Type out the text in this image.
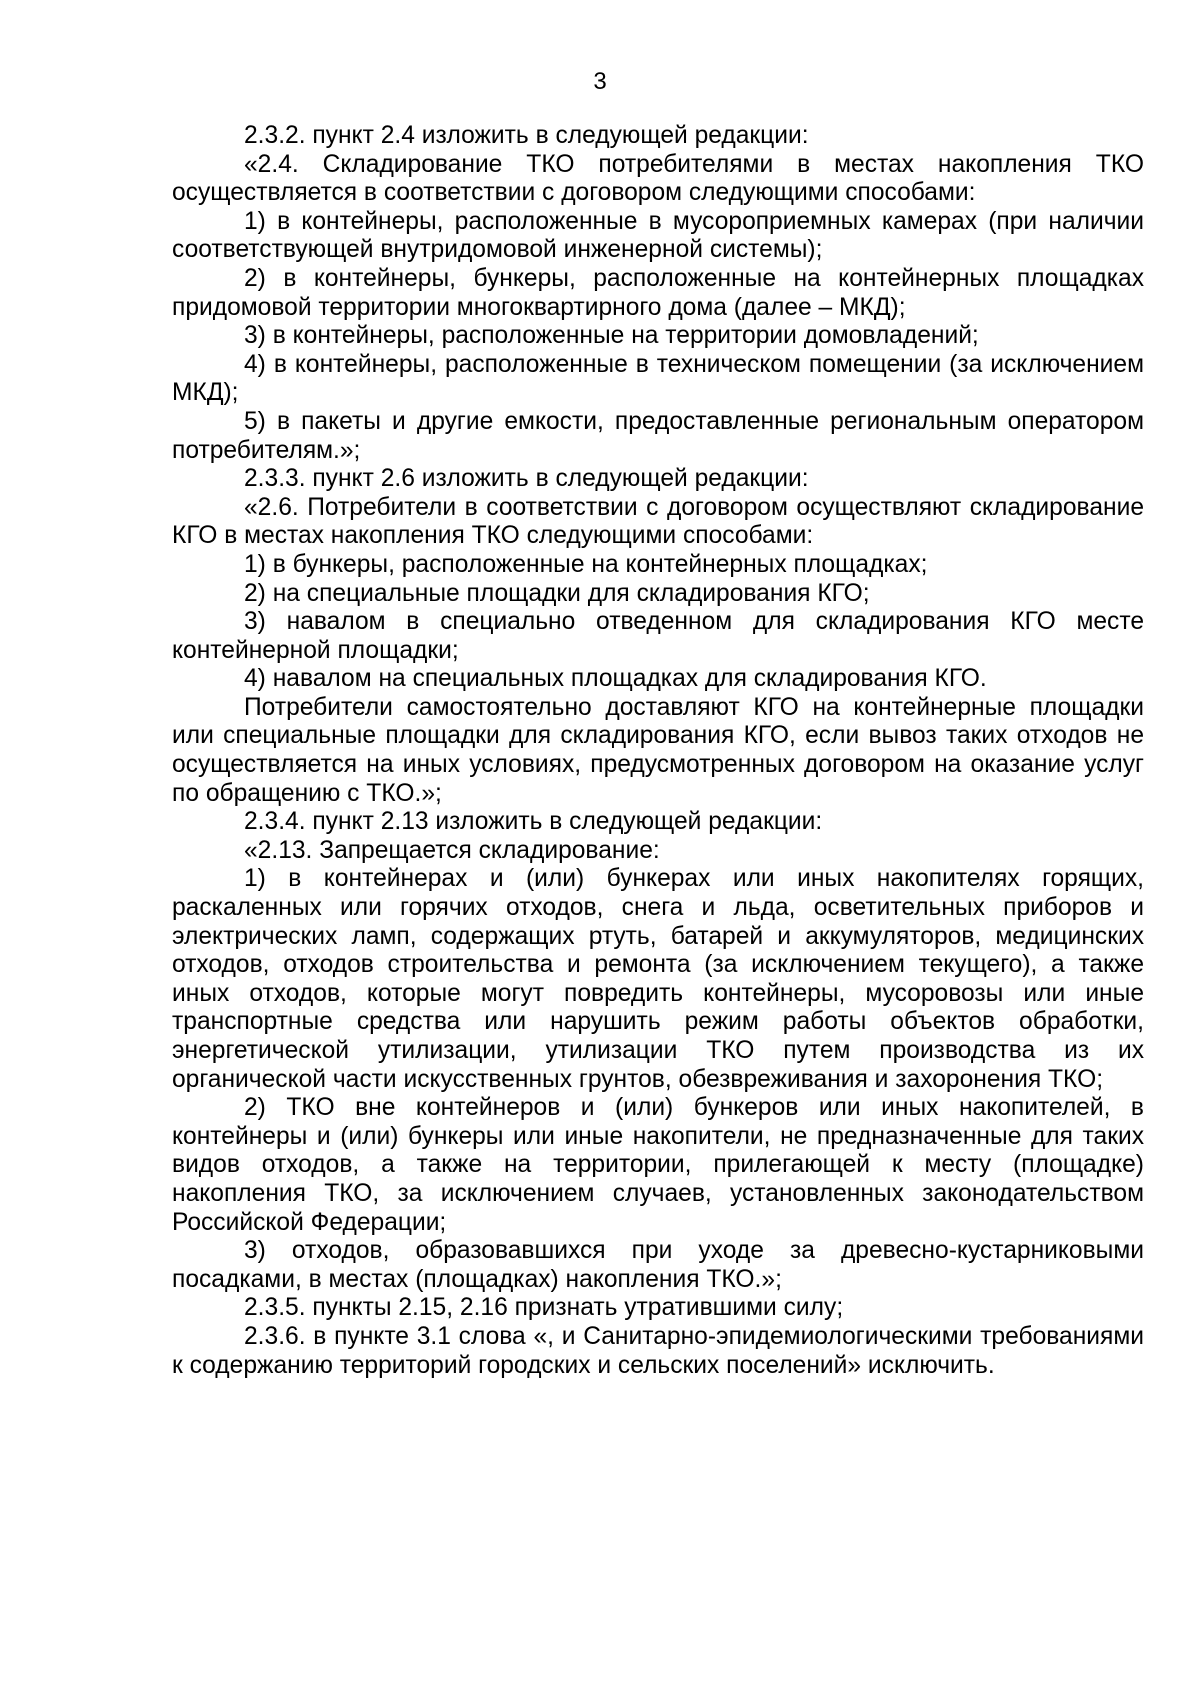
3

2.3.2. пункт 2.4 изложить в следующей редакции:

«2.4. Складирование ТКО потребителями в местах накопления ТКО осуществляется в соответствии с договором следующими способами:

1) в контейнеры, расположенные в мусороприемных камерах (при наличии соответствующей внутридомовой инженерной системы);

2) в контейнеры, бункеры, расположенные на контейнерных площадках придомовой территории многоквартирного дома (далее – МКД);

3) в контейнеры, расположенные на территории домовладений;

4) в контейнеры, расположенные в техническом помещении (за исключением МКД);

5) в пакеты и другие емкости, предоставленные региональным оператором потребителям.»;

2.3.3. пункт 2.6 изложить в следующей редакции:

«2.6. Потребители в соответствии с договором осуществляют складирование КГО в местах накопления ТКО следующими способами:

1) в бункеры, расположенные на контейнерных площадках;

2) на специальные площадки для складирования КГО;

3) навалом в специально отведенном для складирования КГО месте контейнерной площадки;

4) навалом на специальных площадках для складирования КГО.

Потребители самостоятельно доставляют КГО на контейнерные площадки или специальные площадки для складирования КГО, если вывоз таких отходов не осуществляется на иных условиях, предусмотренных договором на оказание услуг по обращению с ТКО.»;

2.3.4. пункт 2.13 изложить в следующей редакции:

«2.13. Запрещается складирование:

1) в контейнерах и (или) бункерах или иных накопителях горящих, раскаленных или горячих отходов, снега и льда, осветительных приборов и электрических ламп, содержащих ртуть, батарей и аккумуляторов, медицинских отходов, отходов строительства и ремонта (за исключением текущего), а также иных отходов, которые могут повредить контейнеры, мусоровозы или иные транспортные средства или нарушить режим работы объектов обработки, энергетической утилизации, утилизации ТКО путем производства из их органической части искусственных грунтов, обезвреживания и захоронения ТКО;

2) ТКО вне контейнеров и (или) бункеров или иных накопителей, в контейнеры и (или) бункеры или иные накопители, не предназначенные для таких видов отходов, а также на территории, прилегающей к месту (площадке) накопления ТКО, за исключением случаев, установленных законодательством Российской Федерации;

3) отходов, образовавшихся при уходе за древесно-кустарниковыми посадками, в местах (площадках) накопления ТКО.»;

2.3.5. пункты 2.15, 2.16 признать утратившими силу;

2.3.6. в пункте 3.1 слова «, и Санитарно-эпидемиологическими требованиями к содержанию территорий городских и сельских поселений» исключить.
